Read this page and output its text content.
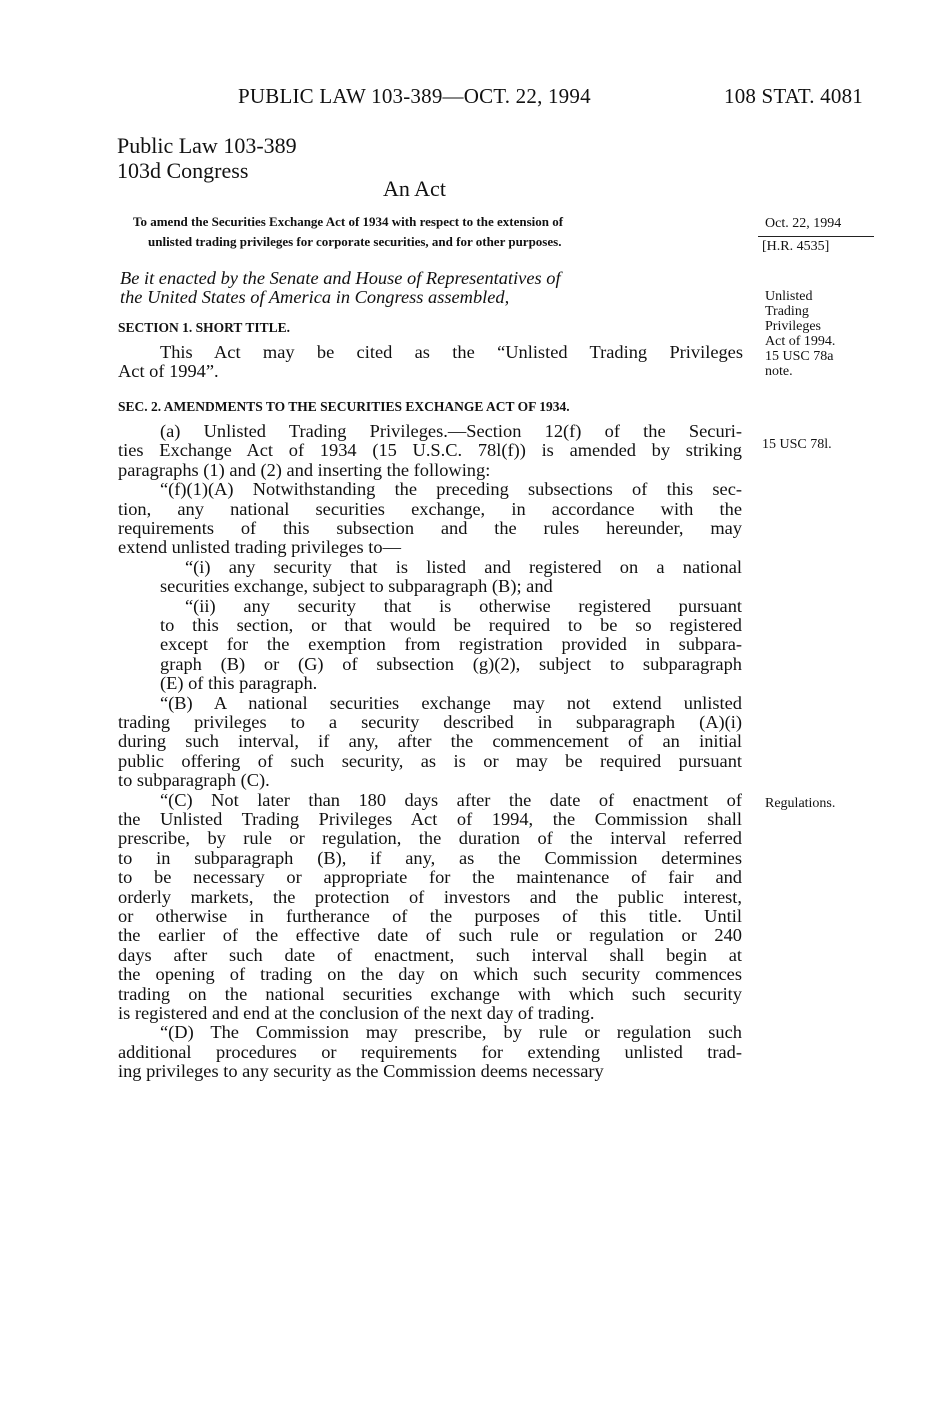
PUBLIC LAW 103-389—OCT. 22, 1994	108 STAT. 4081
Public Law 103-389
103d Congress
An Act
To amend the Securities Exchange Act of 1934 with respect to the extension of
unlisted trading privileges for corporate securities, and for other purposes.
Oct. 22, 1994
[H.R. 4535]
Unlisted
Trading
Privileges
Act of 1994.
15 USC 78a
note.
15 USC 78l.
Regulations.
Be it enacted by the Senate and House of Representatives of
the United States of America in Congress assembled,
SECTION 1. SHORT TITLE.
This Act may be cited as the “Unlisted Trading Privileges
Act of 1994”.
SEC. 2. AMENDMENTS TO THE SECURITIES EXCHANGE ACT OF 1934.
(a) Unlisted Trading Privileges.—Section 12(f) of the Securi-
ties Exchange Act of 1934 (15 U.S.C. 78l(f)) is amended by striking
paragraphs (1) and (2) and inserting the following:
“(f)(1)(A) Notwithstanding the preceding subsections of this sec-
tion, any national securities exchange, in accordance with the
requirements of this subsection and the rules hereunder, may
extend unlisted trading privileges to—
“(i) any security that is listed and registered on a national
securities exchange, subject to subparagraph (B); and
“(ii) any security that is otherwise registered pursuant
to this section, or that would be required to be so registered
except for the exemption from registration provided in subpara-
graph (B) or (G) of subsection (g)(2), subject to subparagraph
(E) of this paragraph.
“(B) A national securities exchange may not extend unlisted
trading privileges to a security described in subparagraph (A)(i)
during such interval, if any, after the commencement of an initial
public offering of such security, as is or may be required pursuant
to subparagraph (C).
“(C) Not later than 180 days after the date of enactment of
the Unlisted Trading Privileges Act of 1994, the Commission shall
prescribe, by rule or regulation, the duration of the interval referred
to in subparagraph (B), if any, as the Commission determines
to be necessary or appropriate for the maintenance of fair and
orderly markets, the protection of investors and the public interest,
or otherwise in furtherance of the purposes of this title. Until
the earlier of the effective date of such rule or regulation or 240
days after such date of enactment, such interval shall begin at
the opening of trading on the day on which such security commences
trading on the national securities exchange with which such security
is registered and end at the conclusion of the next day of trading.
“(D) The Commission may prescribe, by rule or regulation such
additional procedures or requirements for extending unlisted trad-
ing privileges to any security as the Commission deems necessary
